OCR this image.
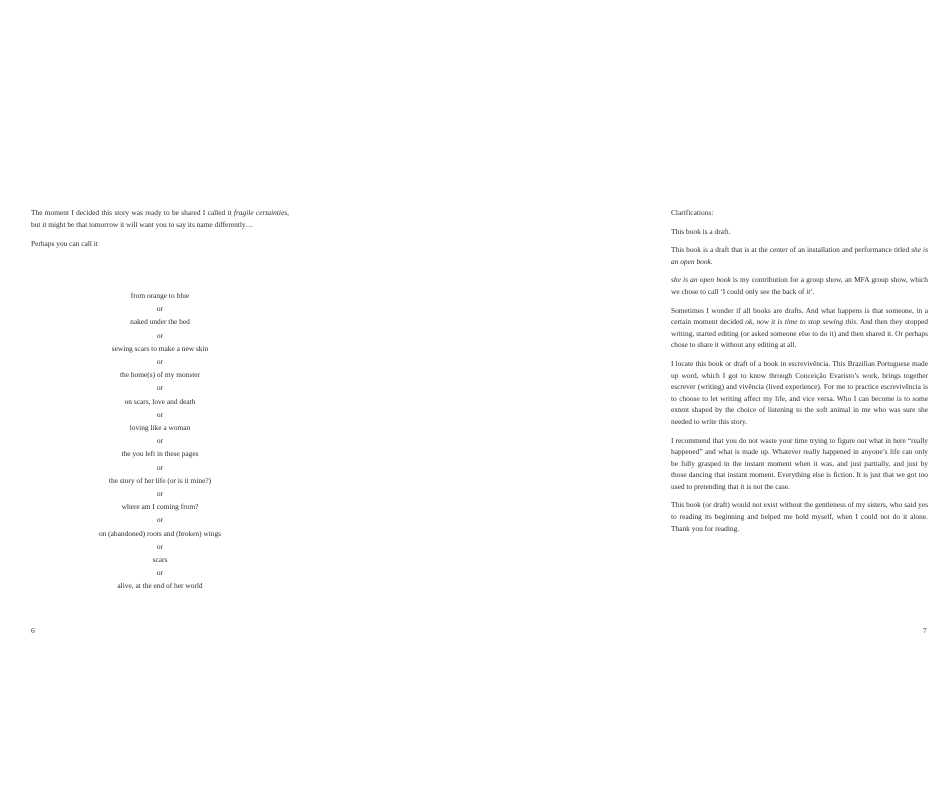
The moment I decided this story was ready to be shared I called it fragile certainties, but it might be that tomorrow it will want you to say its name differently…

Perhaps you can call it

from orange to blue
or
naked under the bed
or
sewing scars to make a new skin
or
the home(s) of my monster
or
on scars, love and death
or
loving like a woman
or
the you left in these pages
or
the story of her life (or is it mine?)
or
where am I coming from?
or
on (abandoned) roots and (broken) wings
or
scars
or
alive, at the end of her world
6

Clarifications:

This book is a draft.

This book is a draft that is at the center of an installation and performance titled she is an open book.

she is an open book is my contribution for a group show, an MFA group show, which we chose to call ‘I could only see the back of it’.

Sometimes I wonder if all books are drafts. And what happens is that someone, in a certain moment decided ok, now it is time to stop sewing this. And then they stopped writing, started editing (or asked someone else to do it) and then shared it. Or perhaps chose to share it without any editing at all.

I locate this book or draft of a book in escrevivência. This Brazilian Portuguese made up word, which I got to know through Conceição Evaristo’s work, brings together escrever (writing) and vivência (lived experience). For me to practice escrevivência is to choose to let writing affect my life, and vice versa. Who I can become is to some extent shaped by the choice of listening to the soft animal in me who was sure she needed to write this story.

I recommend that you do not waste your time trying to figure out what in here “really happened” and what is made up. Whatever really happened in anyone’s life can only be fully grasped in the instant moment when it was, and just partially, and just by those dancing that instant moment. Everything else is fiction. It is just that we got too used to pretending that it is not the case.

This book (or draft) would not exist without the gentleness of my sisters, who said yes to reading its beginning and helped me hold myself, when I could not do it alone. Thank you for reading.

7
